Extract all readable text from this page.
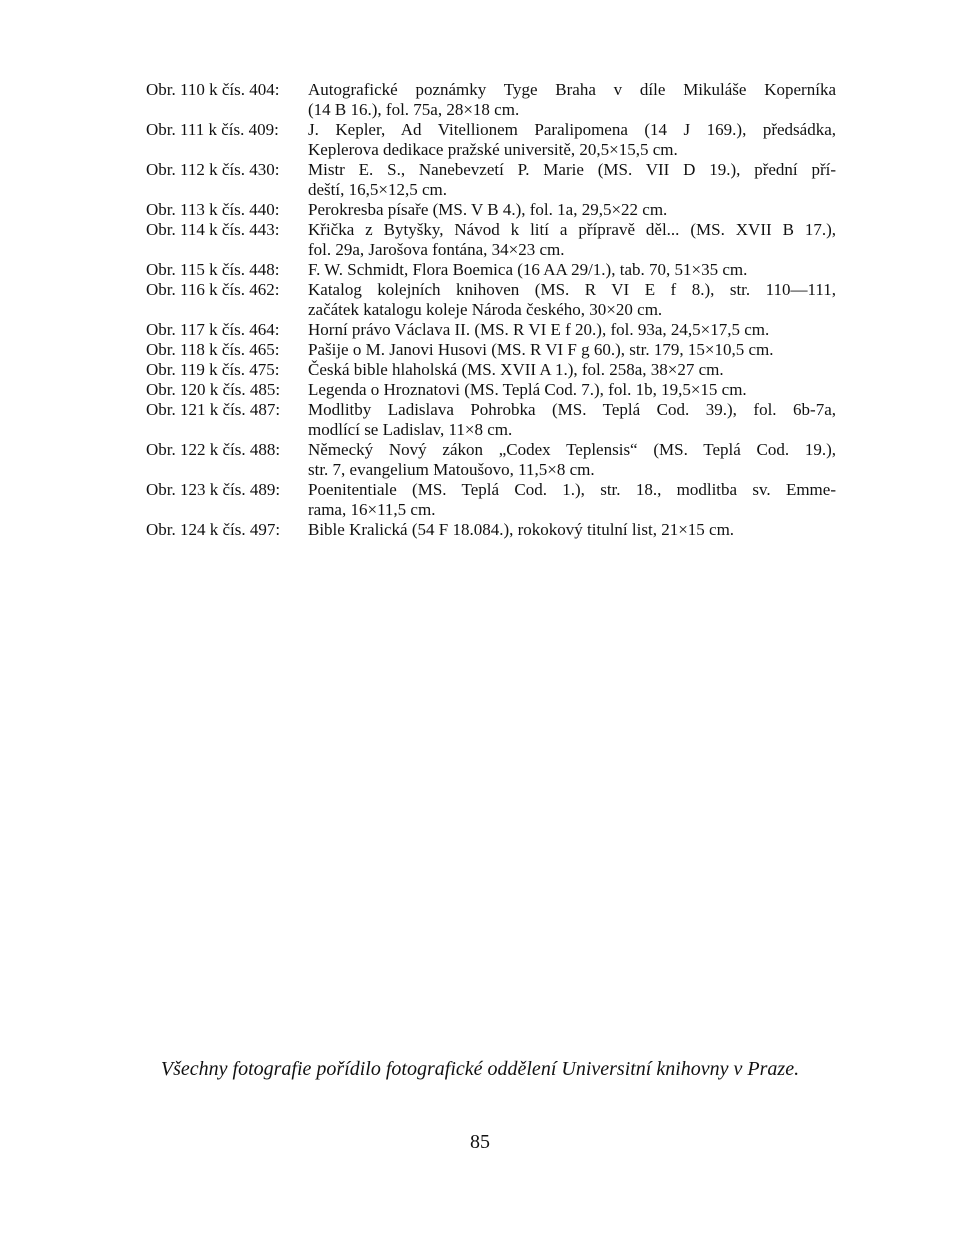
Obr. 110 k čís. 404:	Autografické poznámky Tyge Braha v díle Mikuláše Koperníka
(14 B 16.), fol. 75a, 28×18 cm.
Obr. 111 k čís. 409:	J. Kepler, Ad Vitellionem Paralipomena (14 J 169.), předsádka,
Keplerova dedikace pražské universitě, 20,5×15,5 cm.
Obr. 112 k čís. 430:	Mistr E. S., Nanebevzetí P. Marie (MS. VII D 19.), přední pří-
deští, 16,5×12,5 cm.
Obr. 113 k čís. 440:	Perokresba písaře (MS. V B 4.), fol. 1a, 29,5×22 cm.
Obr. 114 k čís. 443:	Křička z Bytyšky, Návod k lití a přípravě děl... (MS. XVII B 17.),
fol. 29a, Jarošova fontána, 34×23 cm.
Obr. 115 k čís. 448:	F. W. Schmidt, Flora Boemica (16 AA 29/1.), tab. 70, 51×35 cm.
Obr. 116 k čís. 462:	Katalog kolejních knihoven (MS. R VI E f 8.), str. 110—111,
začátek katalogu koleje Národa českého, 30×20 cm.
Obr. 117 k čís. 464:	Horní právo Václava II. (MS. R VI E f 20.), fol. 93a, 24,5×17,5 cm.
Obr. 118 k čís. 465:	Pašije o M. Janovi Husovi (MS. R VI F g 60.), str. 179, 15×10,5 cm.
Obr. 119 k čís. 475:	Česká bible hlaholská (MS. XVII A 1.), fol. 258a, 38×27 cm.
Obr. 120 k čís. 485:	Legenda o Hroznatovi (MS. Teplá Cod. 7.), fol. 1b, 19,5×15 cm.
Obr. 121 k čís. 487:	Modlitby Ladislava Pohrobka (MS. Teplá Cod. 39.), fol. 6b-7a,
modlící se Ladislav, 11×8 cm.
Obr. 122 k čís. 488:	Německý Nový zákon „Codex Teplensis“ (MS. Teplá Cod. 19.),
str. 7, evangelium Matoušovo, 11,5×8 cm.
Obr. 123 k čís. 489:	Poenitentiale (MS. Teplá Cod. 1.), str. 18., modlitba sv. Emme-
rama, 16×11,5 cm.
Obr. 124 k čís. 497:	Bible Kralická (54 F 18.084.), rokokový titulní list, 21×15 cm.
Všechny fotografie pořídilo fotografické oddělení Universitní knihovny v Praze.
85
